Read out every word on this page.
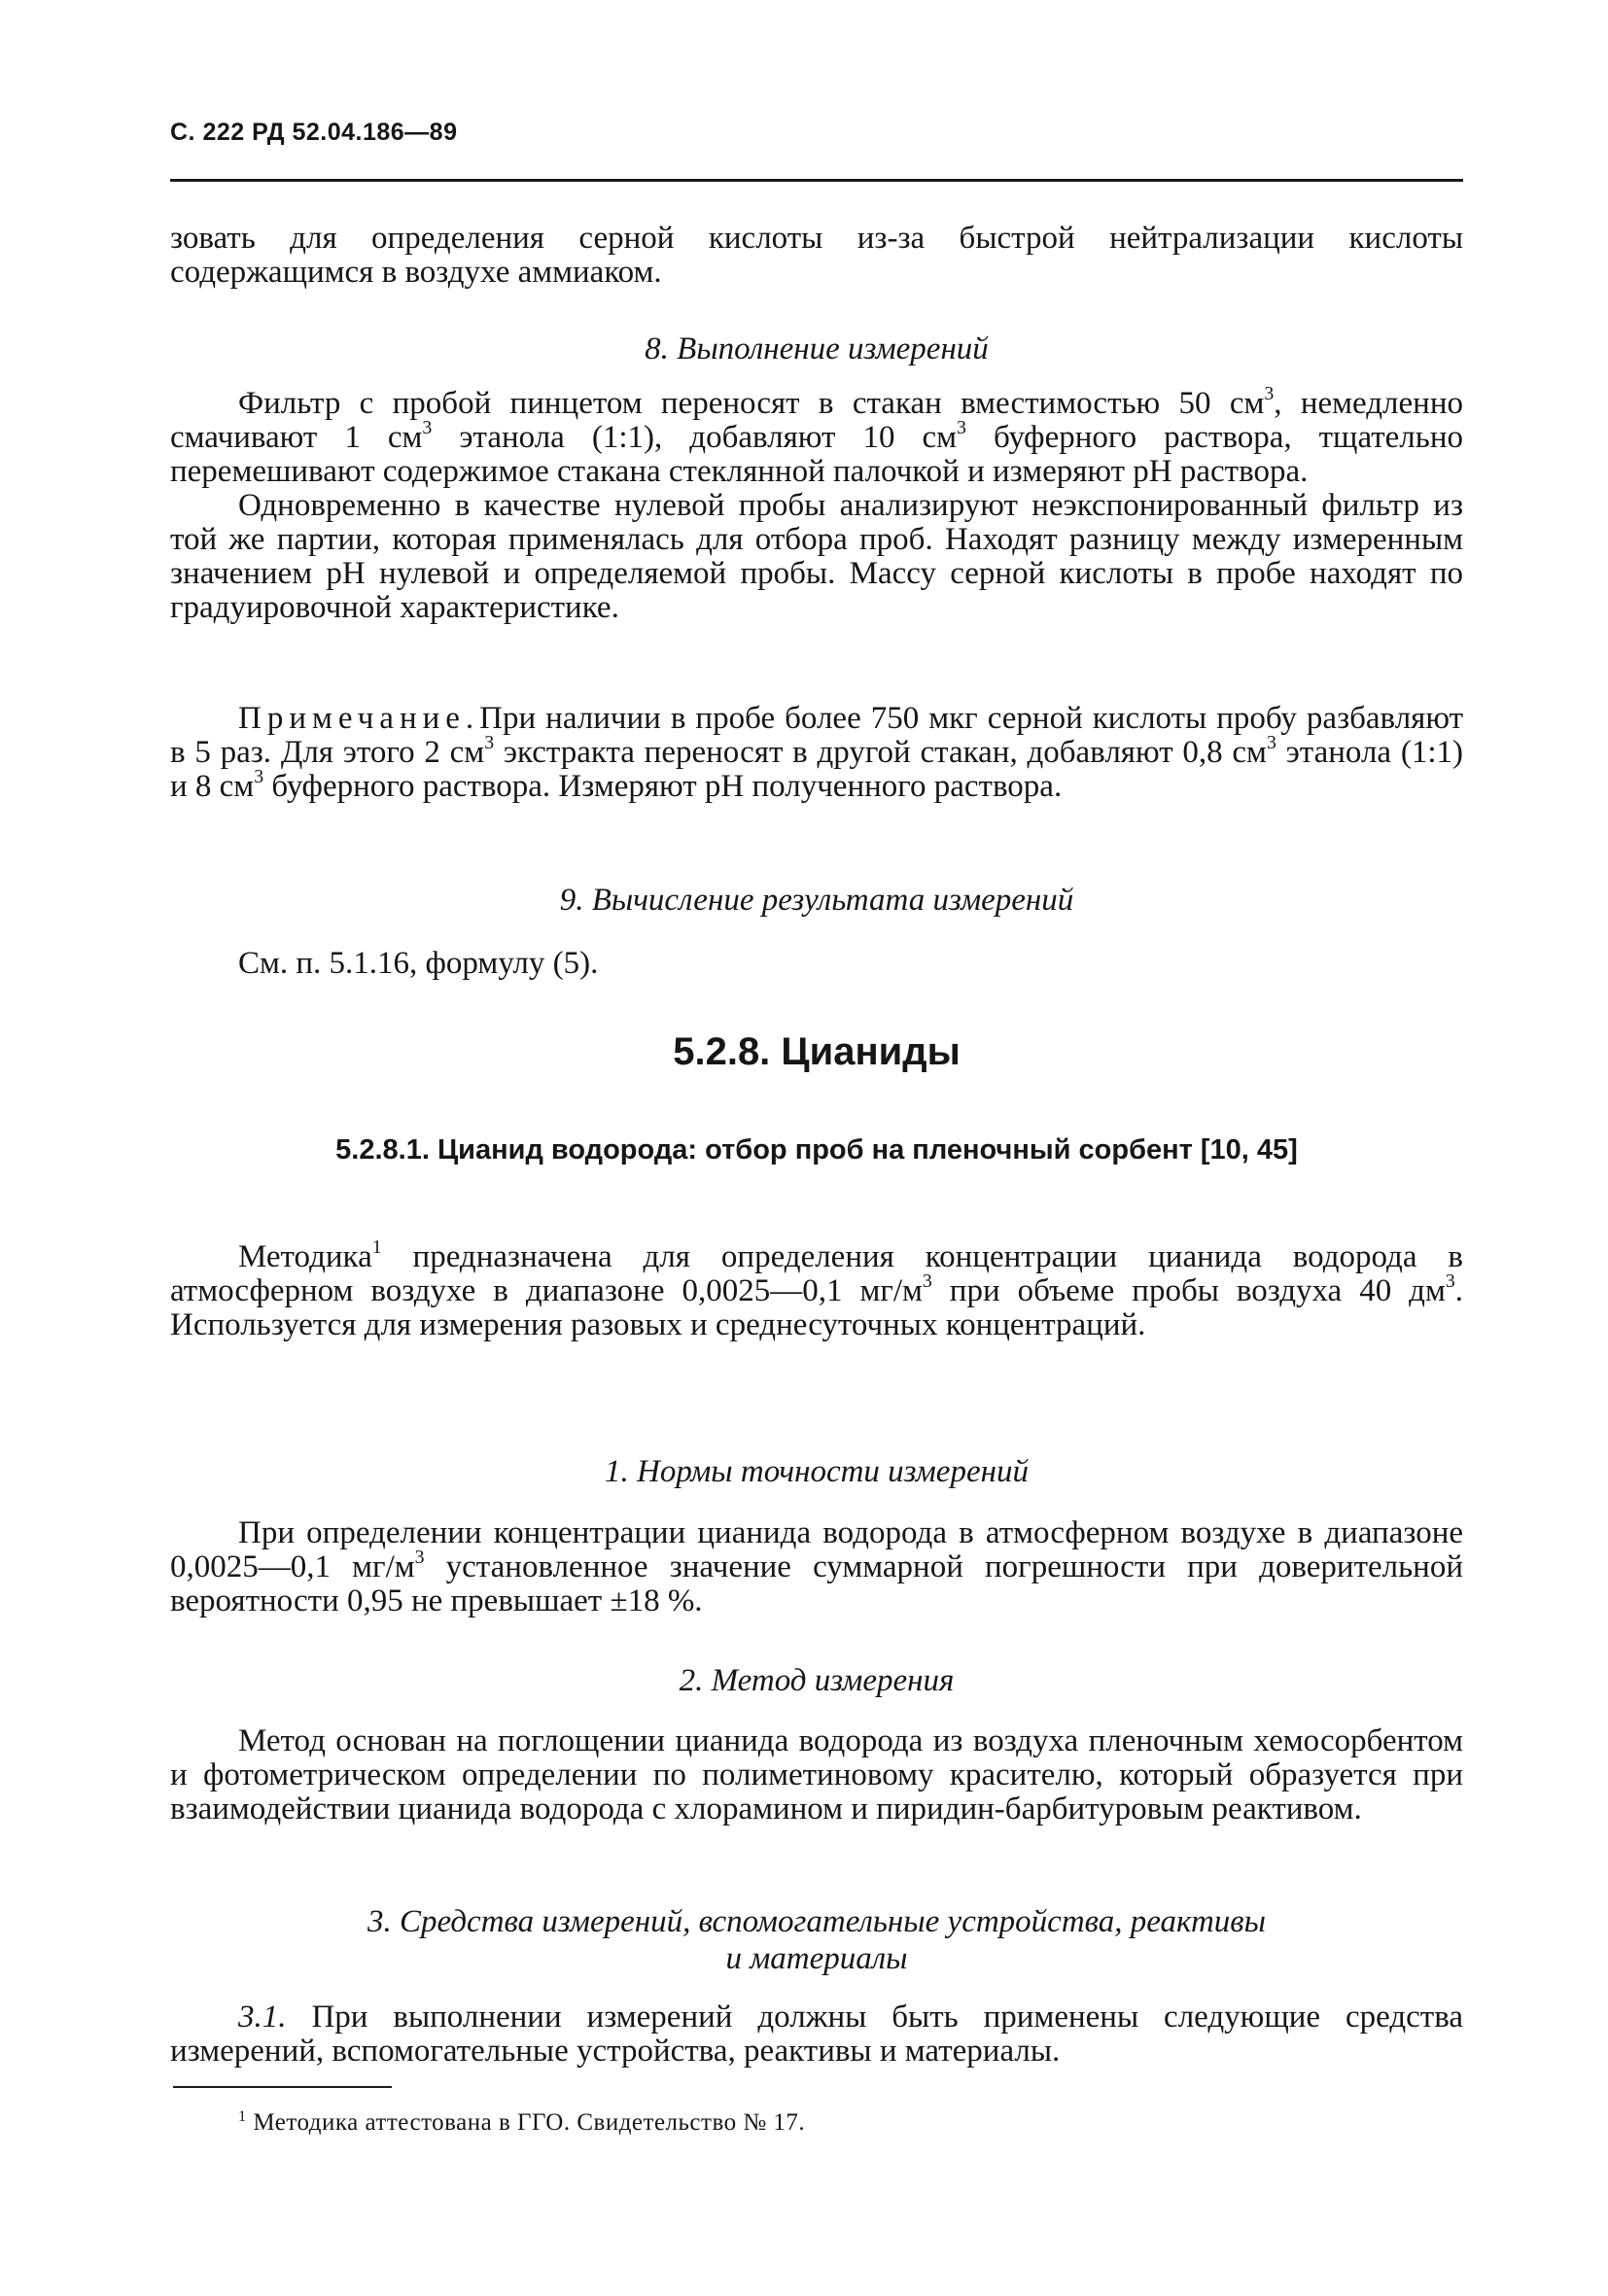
С. 222 РД 52.04.186—89

зовать для определения серной кислоты из-за быстрой нейтрализации кислоты содержащимся в воздухе аммиаком.

8. Выполнение измерений

Фильтр с пробой пинцетом переносят в стакан вместимостью 50 $см^3$, немедленно смачивают 1 $см^3$ этанола (1:1), добавляют 10 $см^3$ буферного раствора, тщательно перемешивают содержимое стакана стеклянной палочкой и измеряют pH раствора.

Одновременно в качестве нулевой пробы анализируют неэкспонированный фильтр из той же партии, которая применялась для отбора проб. Находят разницу между измеренным значением pH нулевой и определяемой пробы. Массу серной кислоты в пробе находят по градуировочной характеристике.

Примечание.При наличии в пробе более 750 мкг серной кислоты пробу разбавляют в 5 раз. Для этого 2 $см^3$ экстракта переносят в другой стакан, добавляют 0,8 $см^3$ этанола (1:1) и 8 $см^3$ буферного раствора. Измеряют pH полученного раствора.

9. Вычисление результата измерений

См. п. 5.1.16, формулу (5).

5.2.8. Цианиды
5.2.8.1. Цианид водорода: отбор проб на пленочный сорбент [10, 45]

Методика$^1$ предназначена для определения концентрации цианида водорода в атмосферном воздухе в диапазоне 0,0025—0,1 $мг/м^3$ при объеме пробы воздуха 40 $дм^3$. Используется для измерения разовых и среднесуточных концентраций.

1. Нормы точности измерений

При определении концентрации цианида водорода в атмосферном воздухе в диапазоне 0,0025—0,1 $мг/м^3$ установленное значение суммарной погрешности при доверительной вероятности 0,95 не превышает ±18 %.

2. Метод измерения

Метод основан на поглощении цианида водорода из воздуха пленочным хемосорбентом и фотометрическом определении по полиметиновому красителю, который образуется при взаимодействии цианида водорода с хлорамином и пиридин-барбитуровым реактивом.

3. Средства измерений, вспомогательные устройства, реактивы
и материалы

3.1. При выполнении измерений должны быть применены следующие средства измерений, вспомогательные устройства, реактивы и материалы.

$^1$ Методика аттестована в ГГО. Свидетельство № 17.
